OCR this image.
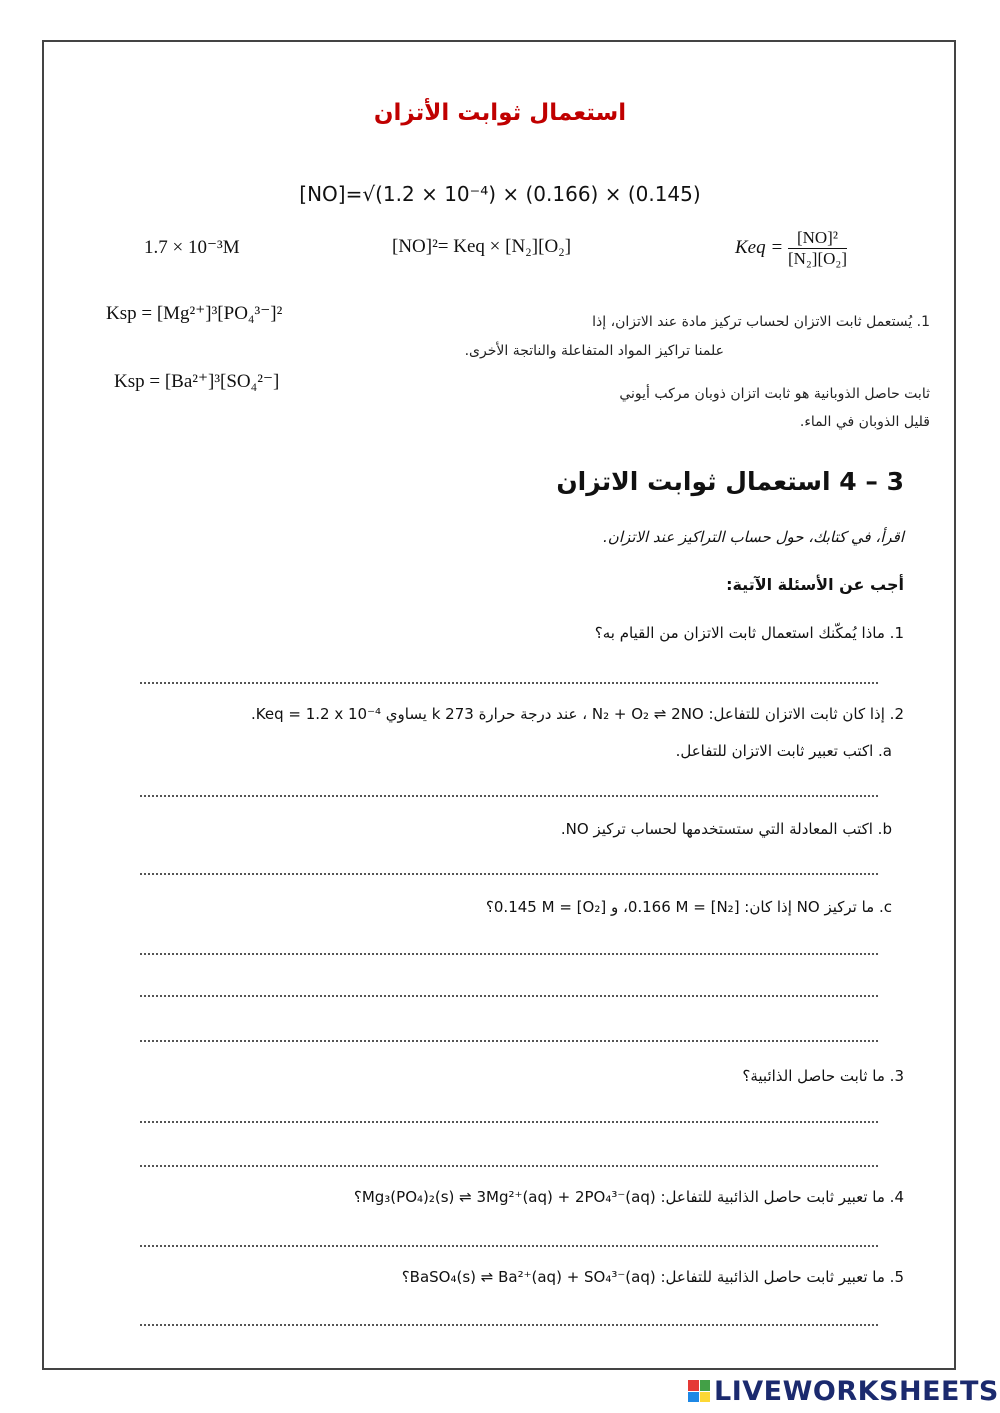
استعمال ثوابت الأتزان
[NO]=√(1.2 × 10⁻⁴) × (0.166) × (0.145)
1.7 × 10⁻³M	[NO]²= Keq × [N₂][O₂]	Keq = $\frac{\text{[NO]²}}{\text{[N₂][O₂]}}$
Ksp = [Mg²⁺]³[PO₄³⁻]²
Ksp = [Ba²⁺]³[SO₄²⁻]
1. يُستعمل ثابت الاتزان لحساب تركيز مادة عند الاتزان، إذا
علمنا تراكيز المواد المتفاعلة والناتجة الأخرى.
ثابت حاصل الذوبانية هو ثابت اتزان ذوبان مركب أيوني
قليل الذوبان في الماء.
3 – 4 استعمال ثوابت الاتزان
اقرأ، في كتابك، حول حساب التراكيز عند الاتزان.
أجب عن الأسئلة الآتية:
1. ماذا يُمكّنك استعمال ثابت الاتزان من القيام به؟
2. إذا كان ثابت الاتزان للتفاعل: N₂ + O₂ ⇌ 2NO ، عند درجة حرارة 273 k يساوي Keq = 1.2 x 10⁻⁴.
a. اكتب تعبير ثابت الاتزان للتفاعل.
b. اكتب المعادلة التي ستستخدمها لحساب تركيز NO.
c. ما تركيز NO إذا كان: [N₂] = 0.166 M، و [O₂] = 0.145 M؟
3. ما ثابت حاصل الذائبية؟
4. ما تعبير ثابت حاصل الذائبية للتفاعل: Mg₃(PO₄)₂(s) ⇌ 3Mg²⁺(aq) + 2PO₄³⁻(aq)؟
5. ما تعبير ثابت حاصل الذائبية للتفاعل: BaSO₄(s) ⇌ Ba²⁺(aq) + SO₄³⁻(aq)؟
LIVEWORKSHEETS
